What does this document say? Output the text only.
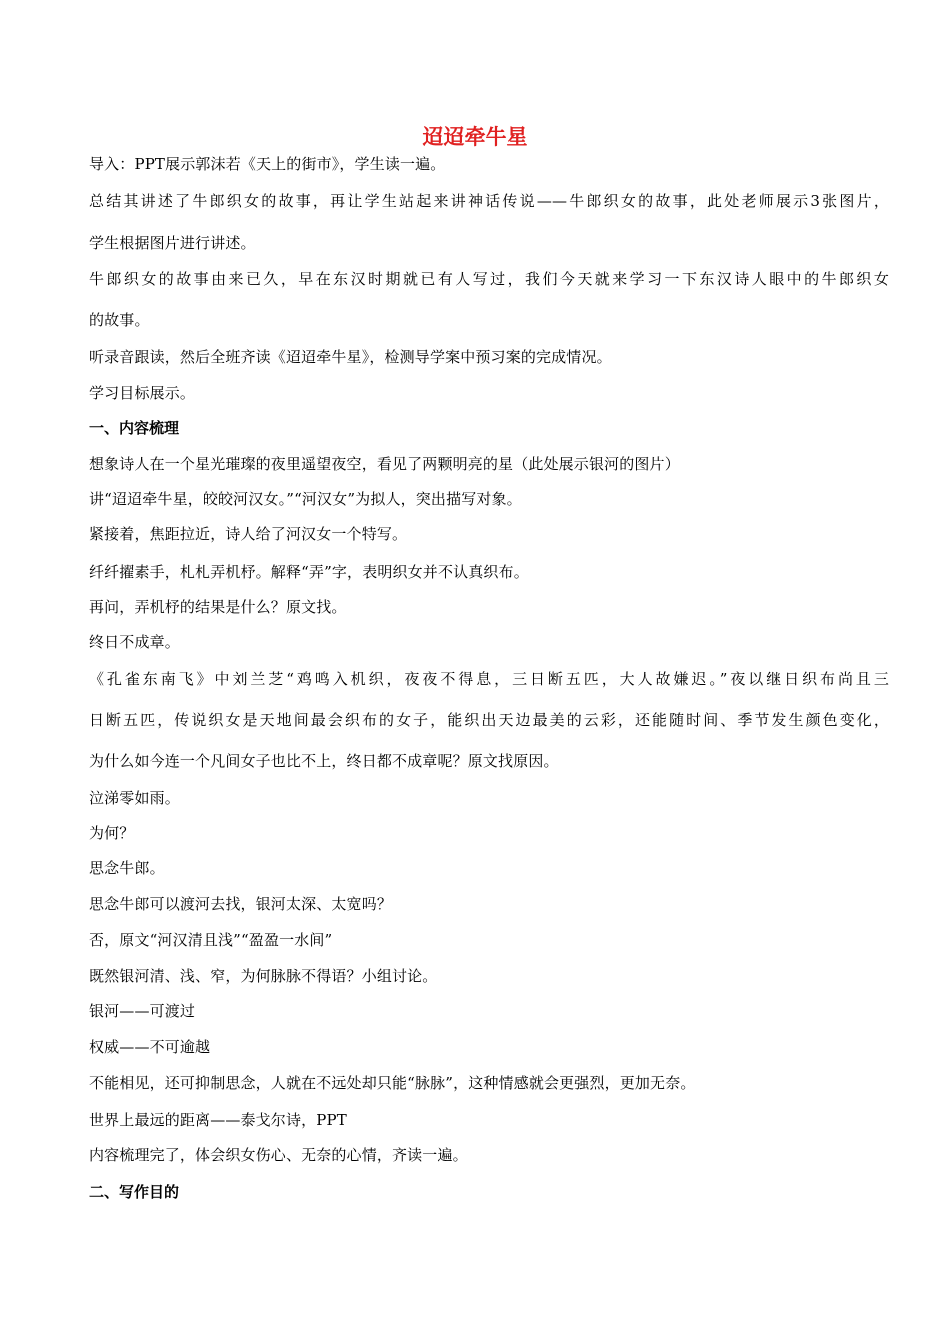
迢迢牵牛星
导入：PPT展示郭沫若《天上的街市》，学生读一遍。
总结其讲述了牛郎织女的故事，再让学生站起来讲神话传说——牛郎织女的故事，此处老师展示3张图片，
学生根据图片进行讲述。
牛郎织女的故事由来已久，早在东汉时期就已有人写过，我们今天就来学习一下东汉诗人眼中的牛郎织女
的故事。
听录音跟读，然后全班齐读《迢迢牵牛星》，检测导学案中预习案的完成情况。
学习目标展示。
一、内容梳理
想象诗人在一个星光璀璨的夜里遥望夜空，看见了两颗明亮的星（此处展示银河的图片）
讲“迢迢牵牛星，皎皎河汉女。”“河汉女”为拟人，突出描写对象。
紧接着，焦距拉近，诗人给了河汉女一个特写。
纤纤擢素手，札札弄机杼。解释“弄”字，表明织女并不认真织布。
再问，弄机杼的结果是什么？原文找。
终日不成章。
《孔雀东南飞》中刘兰芝“鸡鸣入机织，夜夜不得息，三日断五匹，大人故嫌迟。”夜以继日织布尚且三
日断五匹，传说织女是天地间最会织布的女子，能织出天边最美的云彩，还能随时间、季节发生颜色变化，
为什么如今连一个凡间女子也比不上，终日都不成章呢？原文找原因。
泣涕零如雨。
为何？
思念牛郎。
思念牛郎可以渡河去找，银河太深、太宽吗？
否，原文“河汉清且浅”“盈盈一水间”
既然银河清、浅、窄，为何脉脉不得语？小组讨论。
银河——可渡过
权威——不可逾越
不能相见，还可抑制思念，人就在不远处却只能“脉脉”，这种情感就会更强烈，更加无奈。
世界上最远的距离——泰戈尔诗，PPT
内容梳理完了，体会织女伤心、无奈的心情，齐读一遍。
二、写作目的
